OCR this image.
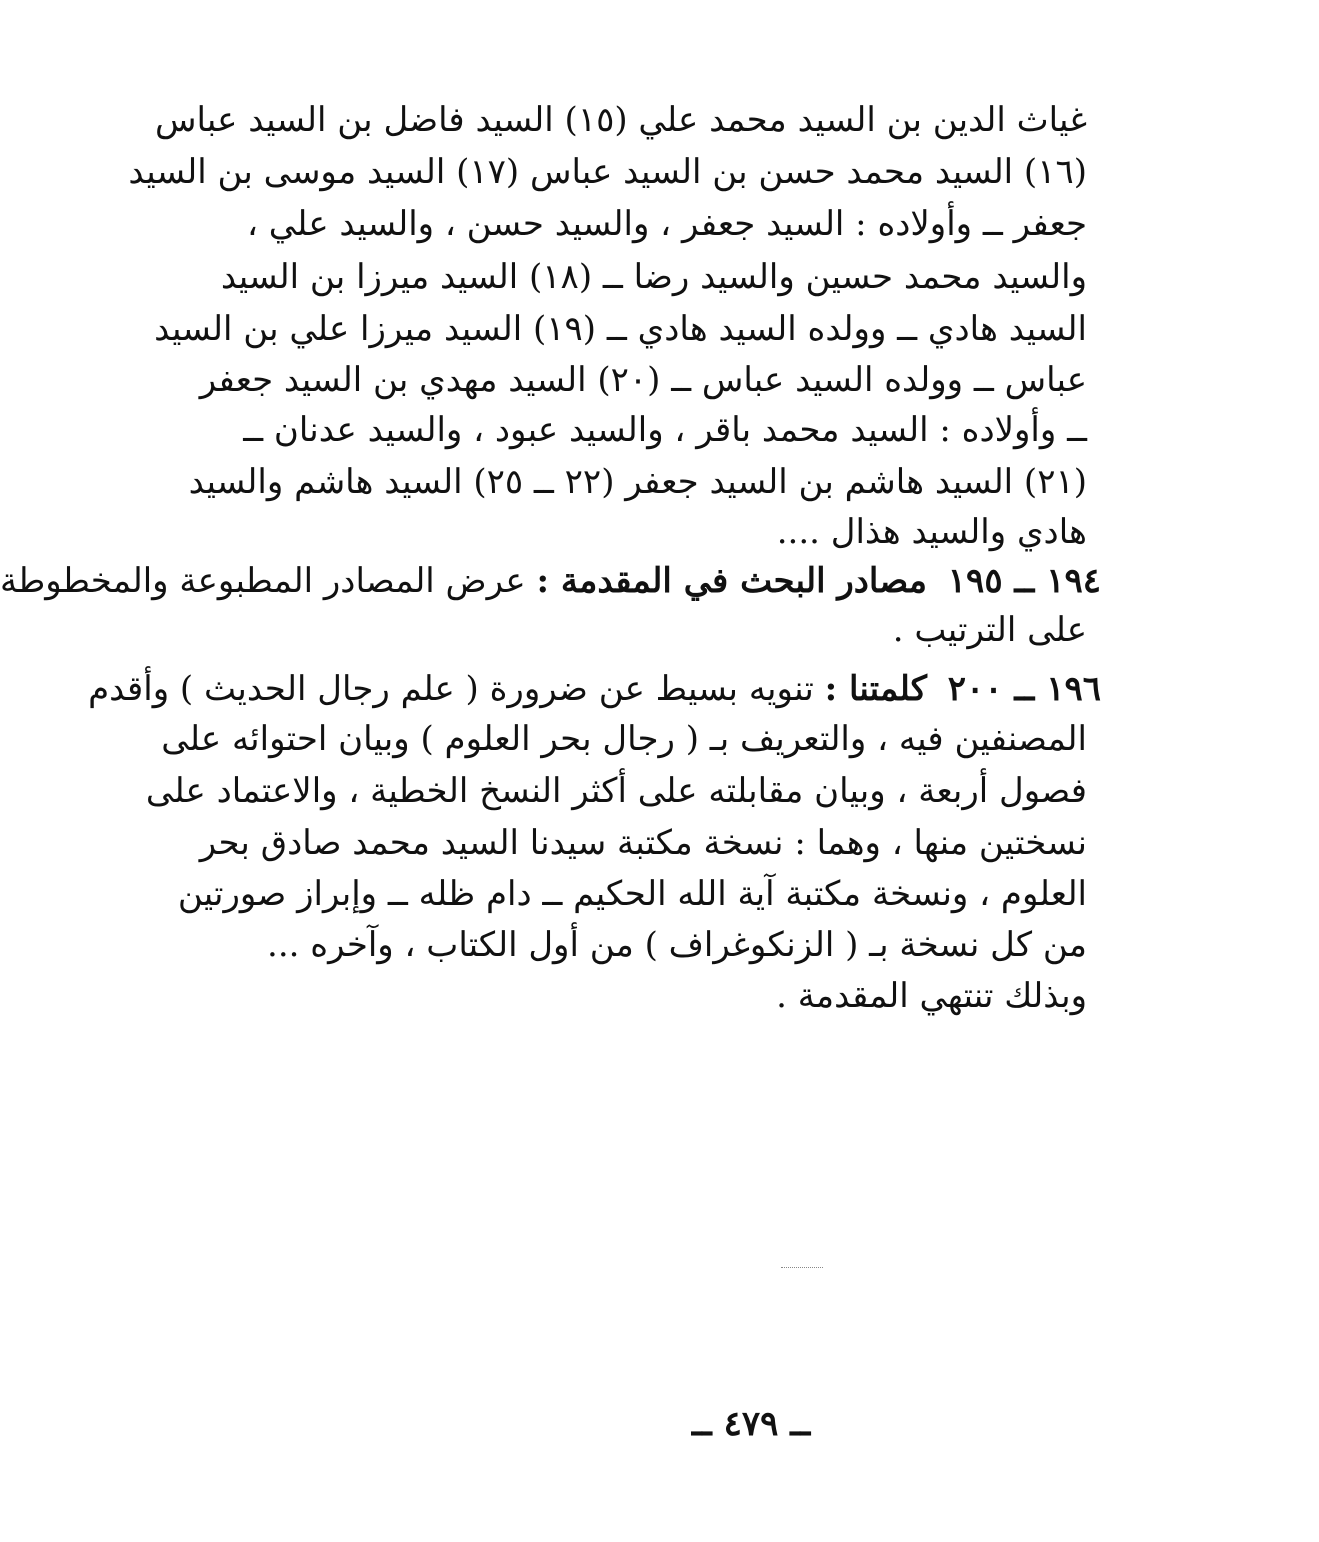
غياث الدين بن السيد محمد علي (١٥) السيد فاضل بن السيد عباس
(١٦) السيد محمد حسن بن السيد عباس (١٧) السيد موسى بن السيد
جعفر ــ وأولاده : السيد جعفر ، والسيد حسن ، والسيد علي ،
والسيد محمد حسين والسيد رضا ــ (١٨) السيد ميرزا بن السيد
السيد هادي ــ وولده السيد هادي ــ (١٩) السيد ميرزا علي بن السيد
عباس ــ وولده السيد عباس ــ (٢٠) السيد مهدي بن السيد جعفر
ــ وأولاده : السيد محمد باقر ، والسيد عبود ، والسيد عدنان ــ
(٢١) السيد هاشم بن السيد جعفر (٢٢ ــ ٢٥) السيد هاشم والسيد
هادي والسيد هذال ....
١٩٤ ــ ١٩٥ مصادر البحث في المقدمة : عرض المصادر المطبوعة والمخطوطة
على الترتيب .
١٩٦ ــ ٢٠٠ كلمتنا : تنويه بسيط عن ضرورة ( علم رجال الحديث ) وأقدم
المصنفين فيه ، والتعريف بـ ( رجال بحر العلوم ) وبيان احتوائه على
فصول أربعة ، وبيان مقابلته على أكثر النسخ الخطية ، والاعتماد على
نسختين منها ، وهما : نسخة مكتبة سيدنا السيد محمد صادق بحر
العلوم ، ونسخة مكتبة آية الله الحكيم ــ دام ظله ــ وإبراز صورتين
من كل نسخة بـ ( الزنكوغراف ) من أول الكتاب ، وآخره ...
وبذلك تنتهي المقدمة .
ــ ٤٧٩ ــ
